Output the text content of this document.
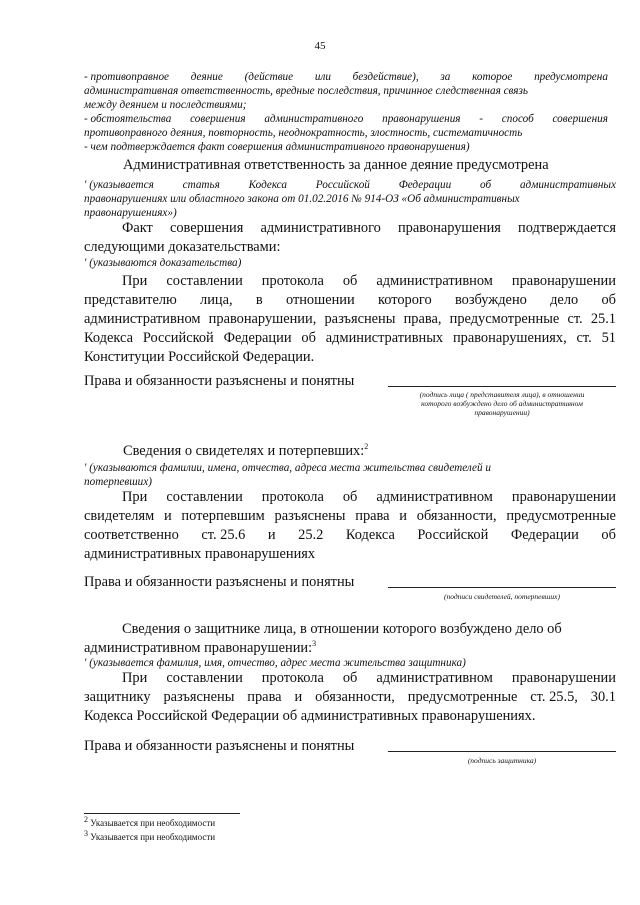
45
- противоправное деяние (действие или бездействие), за которое предусмотрена
административная ответственность, вредные последствия, причинное следственная связь
между деянием и последствиями;
- обстоятельства совершения административного правонарушения - способ совершения
противоправного деяния, повторность, неоднократность, злостность, систематичность
- чем подтверждается факт совершения административного правонарушения)
Административная ответственность за данное деяние предусмотрена
' (указывается	статья	Кодекса	Российской	Федерации	об	административных
правонарушениях или областного закона от 01.02.2016 № 914-ОЗ «Об административных
правонарушениях»)
Факт совершения административного правонарушения подтверждается
следующими доказательствами:
' (указываются доказательства)
При составлении протокола об административном правонарушении
представителю лица, в отношении которого возбуждено дело об
административном правонарушении, разъяснены права, предусмотренные ст. 25.1
Кодекса Российской Федерации об административных правонарушениях, ст. 51
Конституции Российской Федерации.
Права и обязанности разъяснены и понятны
(подпись лица ( представителя лица), в отношении
которого возбуждено дело об административном
правонарушении)
Сведения о свидетелях и потерпевших:$^2$
' (указываются фамилии, имена, отчества, адреса места жительства свидетелей и
потерпевших)
При составлении протокола об административном правонарушении
свидетелям и потерпевшим разъяснены права и обязанности, предусмотренные
соответственно ст. 25.6 и 25.2 Кодекса Российской Федерации об
административных правонарушениях
Права и обязанности разъяснены и понятны
(подписи свидетелей, потерпевших)
Сведения о защитнике лица, в отношении которого возбуждено дело об
административном правонарушении:$^3$
' (указывается фамилия, имя, отчество, адрес места жительства защитника)
При составлении протокола об административном правонарушении
защитнику разъяснены права и обязанности, предусмотренные ст. 25.5, 30.1
Кодекса Российской Федерации об административных правонарушениях.
Права и обязанности разъяснены и понятны
(подпись защитника)
$^2$ Указывается при необходимости
$^3$ Указывается при необходимости
